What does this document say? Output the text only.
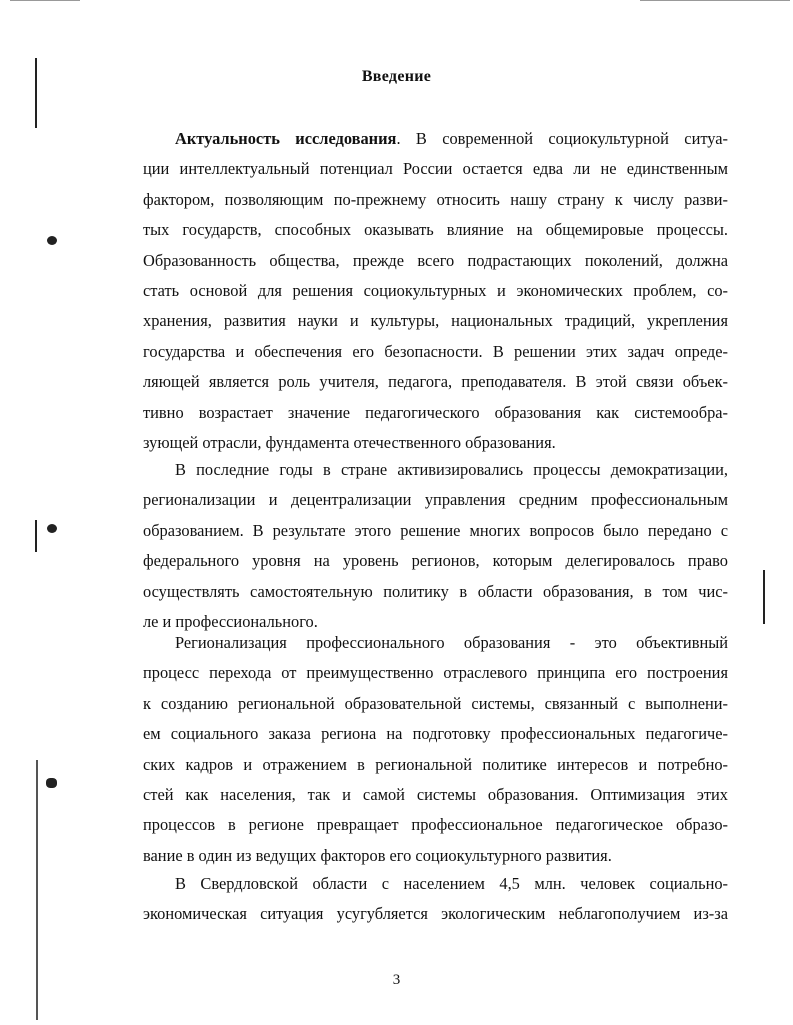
Введение
Актуальность исследования. В современной социокультурной ситуа-
ции интеллектуальный потенциал России остается едва ли не единственным
фактором, позволяющим по-прежнему относить нашу страну к числу разви-
тых государств, способных оказывать влияние на общемировые процессы.
Образованность общества, прежде всего подрастающих поколений, должна
стать основой для решения социокультурных и экономических проблем, со-
хранения, развития науки и культуры, национальных традиций, укрепления
государства и обеспечения его безопасности. В решении этих задач опреде-
ляющей является роль учителя, педагога, преподавателя. В этой связи объек-
тивно возрастает значение педагогического образования как системообра-
зующей отрасли, фундамента отечественного образования.
В последние годы в стране активизировались процессы демократизации,
регионализации и децентрализации управления средним профессиональным
образованием. В результате этого решение многих вопросов было передано с
федерального уровня на уровень регионов, которым делегировалось право
осуществлять самостоятельную политику в области образования, в том чис-
ле и профессионального.
Регионализация профессионального образования - это объективный
процесс перехода от преимущественно отраслевого принципа его построения
к созданию региональной образовательной системы, связанный с выполнени-
ем социального заказа региона на подготовку профессиональных педагогиче-
ских кадров и отражением в региональной политике интересов и потребно-
стей как населения, так и самой системы образования. Оптимизация этих
процессов в регионе превращает профессиональное педагогическое образо-
вание в один из ведущих факторов его социокультурного развития.
В Свердловской области с населением 4,5 млн. человек социально-
экономическая ситуация усугубляется экологическим неблагополучием из-за
3
